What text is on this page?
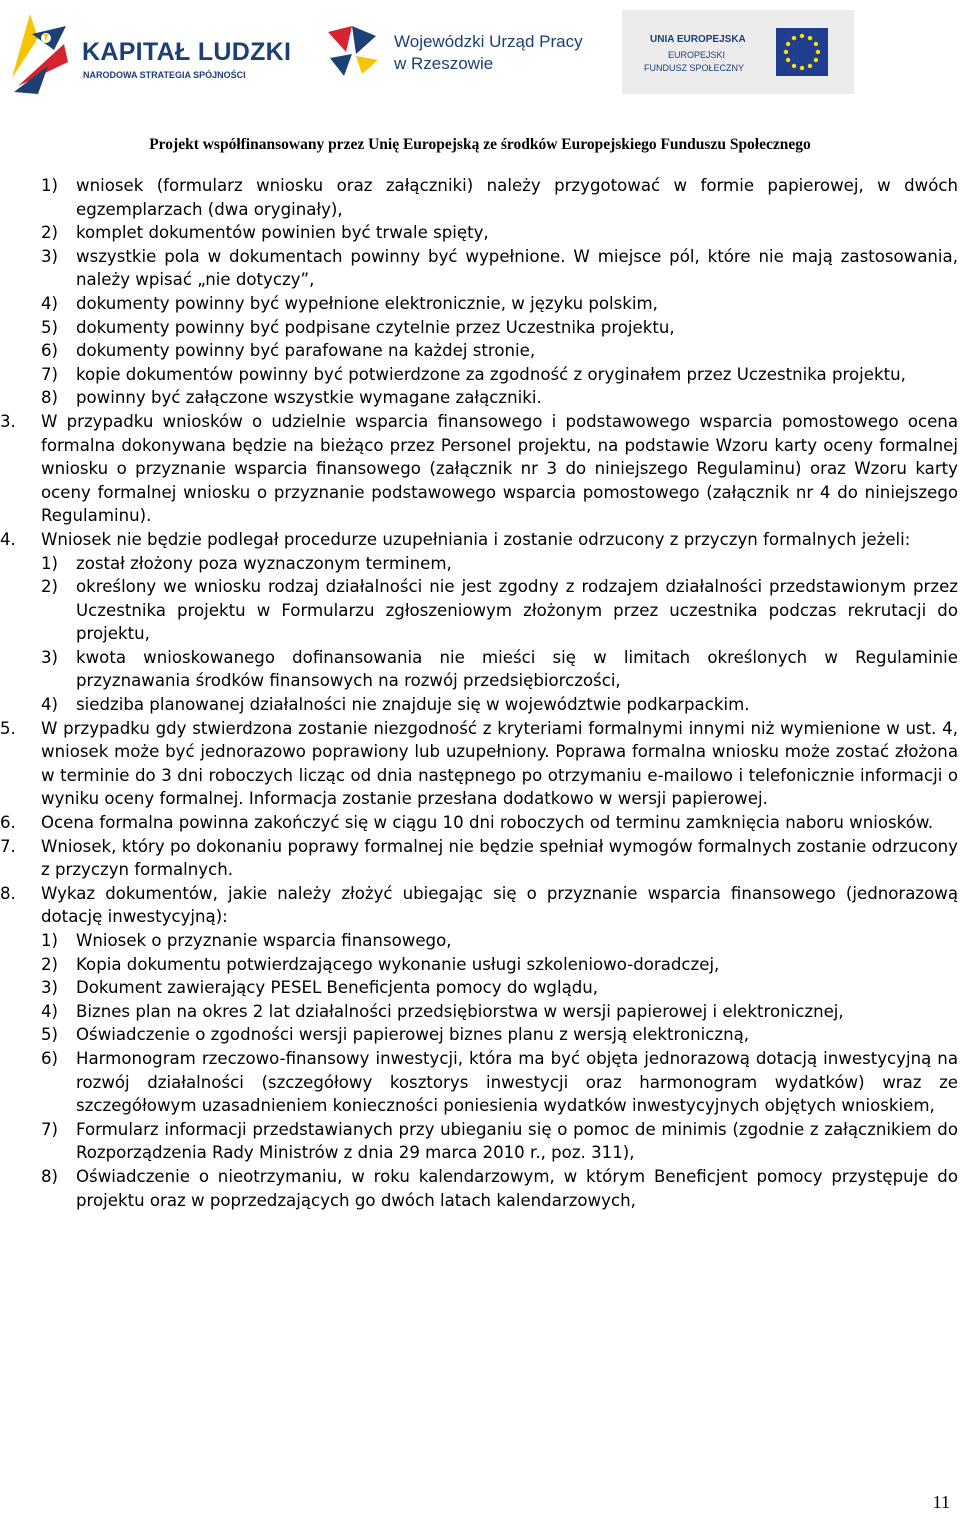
KAPITAŁ LUDZKI
NARODOWA STRATEGIA SPÓJNOŚCI
Wojewódzki Urząd Pracy
w Rzeszowie
UNIA EUROPEJSKA
EUROPEJSKI
FUNDUSZ SPOŁECZNY
Projekt współfinansowany przez Unię Europejską ze środków Europejskiego Funduszu Społecznego
1) wniosek (formularz wniosku oraz załączniki) należy przygotować w formie papierowej, w dwóch egzemplarzach (dwa oryginały),
2) komplet dokumentów powinien być trwale spięty,
3) wszystkie pola w dokumentach powinny być wypełnione. W miejsce pól, które nie mają zastosowania, należy wpisać „nie dotyczy”,
4) dokumenty powinny być wypełnione elektronicznie, w języku polskim,
5) dokumenty powinny być podpisane czytelnie przez Uczestnika projektu,
6) dokumenty powinny być parafowane na każdej stronie,
7) kopie dokumentów powinny być potwierdzone za zgodność z oryginałem przez Uczestnika projektu,
8) powinny być załączone wszystkie wymagane załączniki.
3. W przypadku wniosków o udzielnie wsparcia finansowego i podstawowego wsparcia pomostowego ocena formalna dokonywana będzie na bieżąco przez Personel projektu, na podstawie Wzoru karty oceny formalnej wniosku o przyznanie wsparcia finansowego (załącznik nr 3 do niniejszego Regulaminu) oraz Wzoru karty oceny formalnej wniosku o przyznanie podstawowego wsparcia pomostowego (załącznik nr 4 do niniejszego Regulaminu).
4. Wniosek nie będzie podlegał procedurze uzupełniania i zostanie odrzucony z przyczyn formalnych jeżeli:
1) został złożony poza wyznaczonym terminem,
2) określony we wniosku rodzaj działalności nie jest zgodny z rodzajem działalności przedstawionym przez Uczestnika projektu w Formularzu zgłoszeniowym złożonym przez uczestnika podczas rekrutacji do projektu,
3) kwota wnioskowanego dofinansowania nie mieści się w limitach określonych w Regulaminie przyznawania środków finansowych na rozwój przedsiębiorczości,
4) siedziba planowanej działalności nie znajduje się w województwie podkarpackim.
5. W przypadku gdy stwierdzona zostanie niezgodność z kryteriami formalnymi innymi niż wymienione w ust. 4, wniosek może być jednorazowo poprawiony lub uzupełniony. Poprawa formalna wniosku może zostać złożona w terminie do 3 dni roboczych licząc od dnia następnego po otrzymaniu e-mailowo i telefonicznie informacji o wyniku oceny formalnej. Informacja zostanie przesłana dodatkowo w wersji papierowej.
6. Ocena formalna powinna zakończyć się w ciągu 10 dni roboczych od terminu zamknięcia naboru wniosków.
7. Wniosek, który po dokonaniu poprawy formalnej nie będzie spełniał wymogów formalnych zostanie odrzucony z przyczyn formalnych.
8. Wykaz dokumentów, jakie należy złożyć ubiegając się o przyznanie wsparcia finansowego (jednorazową dotację inwestycyjną):
1) Wniosek o przyznanie wsparcia finansowego,
2) Kopia dokumentu potwierdzającego wykonanie usługi szkoleniowo-doradczej,
3) Dokument zawierający PESEL Beneficjenta pomocy do wglądu,
4) Biznes plan na okres 2 lat działalności przedsiębiorstwa w wersji papierowej i elektronicznej,
5) Oświadczenie o zgodności wersji papierowej biznes planu z wersją elektroniczną,
6) Harmonogram rzeczowo-finansowy inwestycji, która ma być objęta jednorazową dotacją inwestycyjną na rozwój działalności (szczegółowy kosztorys inwestycji oraz harmonogram wydatków) wraz ze szczegółowym uzasadnieniem konieczności poniesienia wydatków inwestycyjnych objętych wnioskiem,
7) Formularz informacji przedstawianych przy ubieganiu się o pomoc de minimis (zgodnie z załącznikiem do Rozporządzenia Rady Ministrów z dnia 29 marca 2010 r., poz. 311),
8) Oświadczenie o nieotrzymaniu, w roku kalendarzowym, w którym Beneficjent pomocy przystępuje do projektu oraz w poprzedzających go dwóch latach kalendarzowych,
11
